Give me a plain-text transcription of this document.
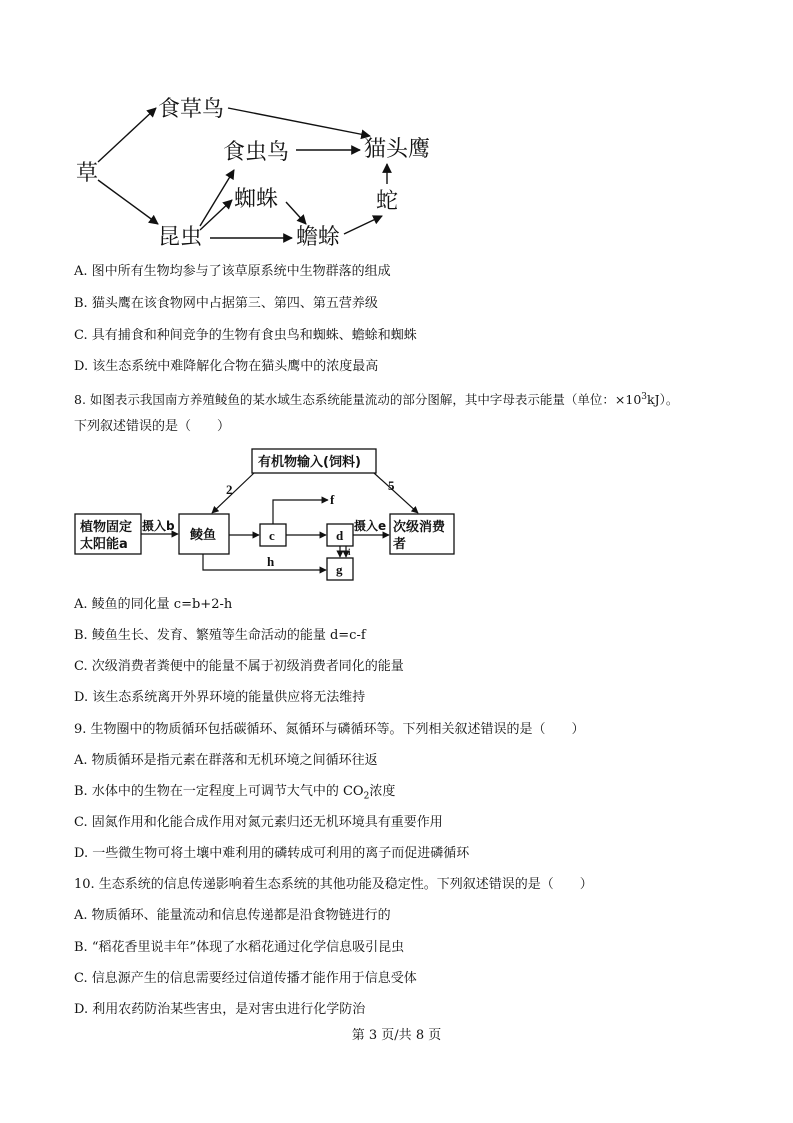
草
食草鸟
食虫鸟	猫头鹰
蜘蛛	蛇
昆虫	蟾蜍
A. 图中所有生物均参与了该草原系统中生物群落的组成
B. 猫头鹰在该食物网中占据第三、第四、第五营养级
C. 具有捕食和种间竞争的生物有食虫鸟和蜘蛛、蟾蜍和蜘蛛
D. 该生态系统中难降解化合物在猫头鹰中的浓度最高
8. 如图表示我国南方养殖鲮鱼的某水域生态系统能量流动的部分图解，其中字母表示能量（单位：$\times 10^3kJ$）。
下列叙述错误的是（　　）
有机物输入(饲料)
植物固定
太阳能a
鲮鱼	c	d
g
次级消费
者
f
h
2	5
i
摄入b	摄入e
A. 鲮鱼的同化量 c=b+2-h
B. 鲮鱼生长、发育、繁殖等生命活动的能量 d=c-f
C. 次级消费者粪便中的能量不属于初级消费者同化的能量
D. 该生态系统离开外界环境的能量供应将无法维持
9. 生物圈中的物质循环包括碳循环、氮循环与磷循环等。下列相关叙述错误的是（　　）
A. 物质循环是指元素在群落和无机环境之间循环往返
B. 水体中的生物在一定程度上可调节大气中的 $CO_2$浓度
C. 固氮作用和化能合成作用对氮元素归还无机环境具有重要作用
D. 一些微生物可将土壤中难利用的磷转成可利用的离子而促进磷循环
10. 生态系统的信息传递影响着生态系统的其他功能及稳定性。下列叙述错误的是（　　）
A. 物质循环、能量流动和信息传递都是沿食物链进行的
B. “稻花香里说丰年”体现了水稻花通过化学信息吸引昆虫
C. 信息源产生的信息需要经过信道传播才能作用于信息受体
D. 利用农药防治某些害虫，是对害虫进行化学防治
第 3 页/共 8 页
